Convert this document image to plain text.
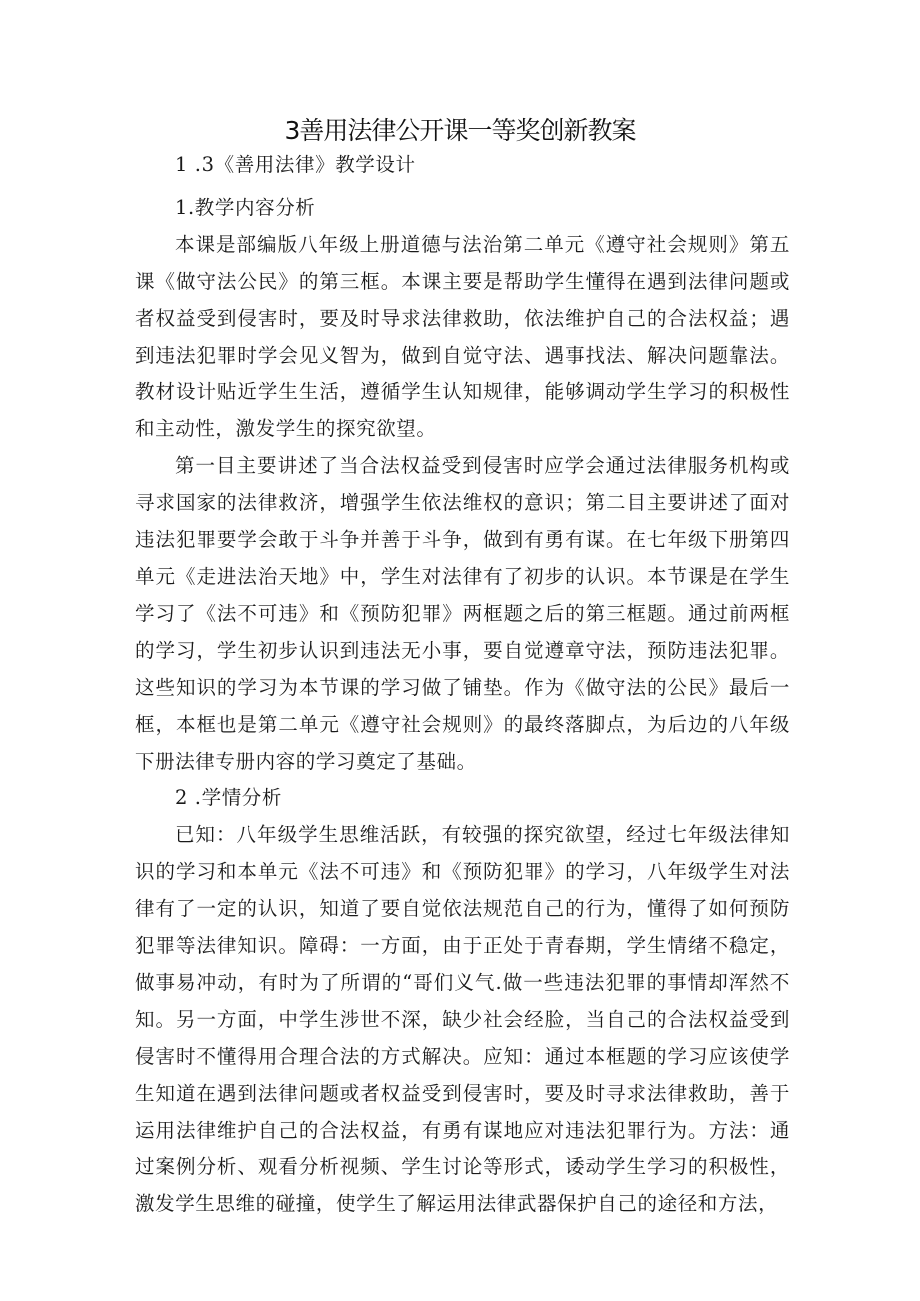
3善用法律公开课一等奖创新教案

1 .3《善用法律》教学设计

1.教学内容分析

本课是部编版八年级上册道德与法治第二单元《遵守社会规则》第五课《做守法公民》的第三框。本课主要是帮助学生懂得在遇到法律问题或者权益受到侵害时，要及时导求法律救助，依法维护自己的合法权益；遇到违法犯罪时学会见义智为，做到自觉守法、遇事找法、解决问题靠法。教材设计贴近学生生活，遵循学生认知规律，能够调动学生学习的积极性和主动性，激发学生的探究欲望。

第一目主要讲述了当合法权益受到侵害时应学会通过法律服务机构或寻求国家的法律救济，增强学生依法维权的意识；第二目主要讲述了面对违法犯罪要学会敢于斗争并善于斗争，做到有勇有谋。在七年级下册第四单元《走进法治天地》中，学生对法律有了初步的认识。本节课是在学生学习了《法不可违》和《预防犯罪》两框题之后的第三框题。通过前两框的学习，学生初步认识到违法无小事，要自觉遵章守法，预防违法犯罪。这些知识的学习为本节课的学习做了铺垫。作为《做守法的公民》最后一框，本框也是第二单元《遵守社会规则》的最终落脚点，为后边的八年级下册法律专册内容的学习奠定了基础。

2 .学情分析

已知：八年级学生思维活跃，有较强的探究欲望，经过七年级法律知识的学习和本单元《法不可违》和《预防犯罪》的学习，八年级学生对法律有了一定的认识，知道了要自觉依法规范自己的行为，懂得了如何预防犯罪等法律知识。障碍：一方面，由于正处于青春期，学生情绪不稳定，做事易冲动，有时为了所谓的“哥们义气.做一些违法犯罪的事情却浑然不知。另一方面，中学生涉世不深，缺少社会经脸，当自己的合法权益受到侵害时不懂得用合理合法的方式解决。应知：通过本框题的学习应该使学生知道在遇到法律问题或者权益受到侵害时，要及时寻求法律救助，善于运用法律维护自己的合法权益，有勇有谋地应对违法犯罪行为。方法：通过案例分析、观看分析视频、学生讨论等形式，诿动学生学习的积极性，激发学生思维的碰撞，使学生了解运用法律武器保护自己的途径和方法，
